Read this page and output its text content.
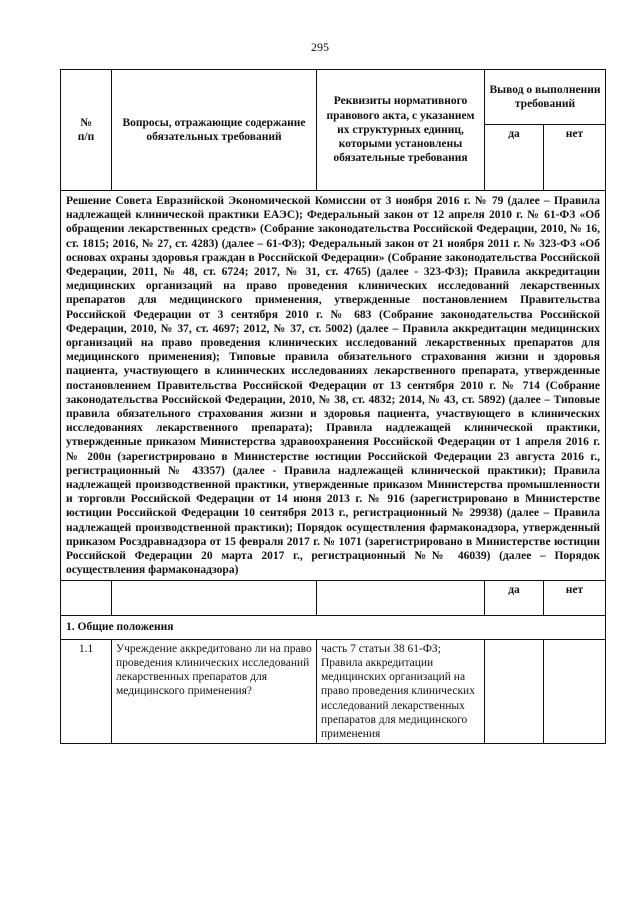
295
№
п/п	Вопросы, отражающие содержание обязательных требований	Реквизиты нормативного правового акта, с указанием их структурных единиц, которыми установлены обязательные требования	Вывод о выполнении требований	
			да	нет
Решение Совета Евразийской Экономической Комиссии от 3 ноября 2016 г. № 79 (далее – Правила надлежащей клинической практики ЕАЭС); Федеральный закон от 12 апреля 2010 г. № 61-ФЗ «Об обращении лекарственных средств» (Собрание законодательства Российской Федерации, 2010, № 16, ст. 1815; 2016, № 27, ст. 4283) (далее – 61-ФЗ); Федеральный закон от 21 ноября 2011 г. № 323-ФЗ «Об основах охраны здоровья граждан в Российской Федерации» (Собрание законодательства Российской Федерации, 2011, № 48, ст. 6724; 2017, № 31, ст. 4765) (далее - 323-ФЗ); Правила аккредитации медицинских организаций на право проведения клинических исследований лекарственных препаратов для медицинского применения, утвержденные постановлением Правительства Российской Федерации от 3 сентября 2010 г. № 683 (Собрание законодательства Российской Федерации, 2010, № 37, ст. 4697; 2012, № 37, ст. 5002) (далее – Правила аккредитации медицинских организаций на право проведения клинических исследований лекарственных препаратов для медицинского применения); Типовые правила обязательного страхования жизни и здоровья пациента, участвующего в клинических исследованиях лекарственного препарата, утвержденные постановлением Правительства Российской Федерации от 13 сентября 2010 г. № 714 (Собрание законодательства Российской Федерации, 2010, № 38, ст. 4832; 2014, № 43, ст. 5892) (далее – Типовые правила обязательного страхования жизни и здоровья пациента, участвующего в клинических исследованиях лекарственного препарата); Правила надлежащей клинической практики, утвержденные приказом Министерства здравоохранения Российской Федерации от 1 апреля 2016 г. № 200н (зарегистрировано в Министерстве юстиции Российской Федерации 23 августа 2016 г., регистрационный № 43357) (далее - Правила надлежащей клинической практики); Правила надлежащей производственной практики, утвержденные приказом Министерства промышленности и торговли Российской Федерации от 14 июня 2013 г. № 916 (зарегистрировано в Министерстве юстиции Российской Федерации 10 сентября 2013 г., регистрационный № 29938) (далее – Правила надлежащей производственной практики); Порядок осуществления фармаконадзора, утвержденный приказом Росздравнадзора от 15 февраля 2017 г. № 1071 (зарегистрировано в Министерстве юстиции Российской Федерации 20 марта 2017 г., регистрационный №№ 46039) (далее – Порядок осуществления фармаконадзора)				
			да	нет
1. Общие положения				
1.1	Учреждение аккредитовано ли на право проведения клинических исследований лекарственных препаратов для медицинского применения?	часть 7 статьи 38 61-ФЗ; Правила аккредитации медицинских организаций на право проведения клинических исследований лекарственных препаратов для медицинского применения		
